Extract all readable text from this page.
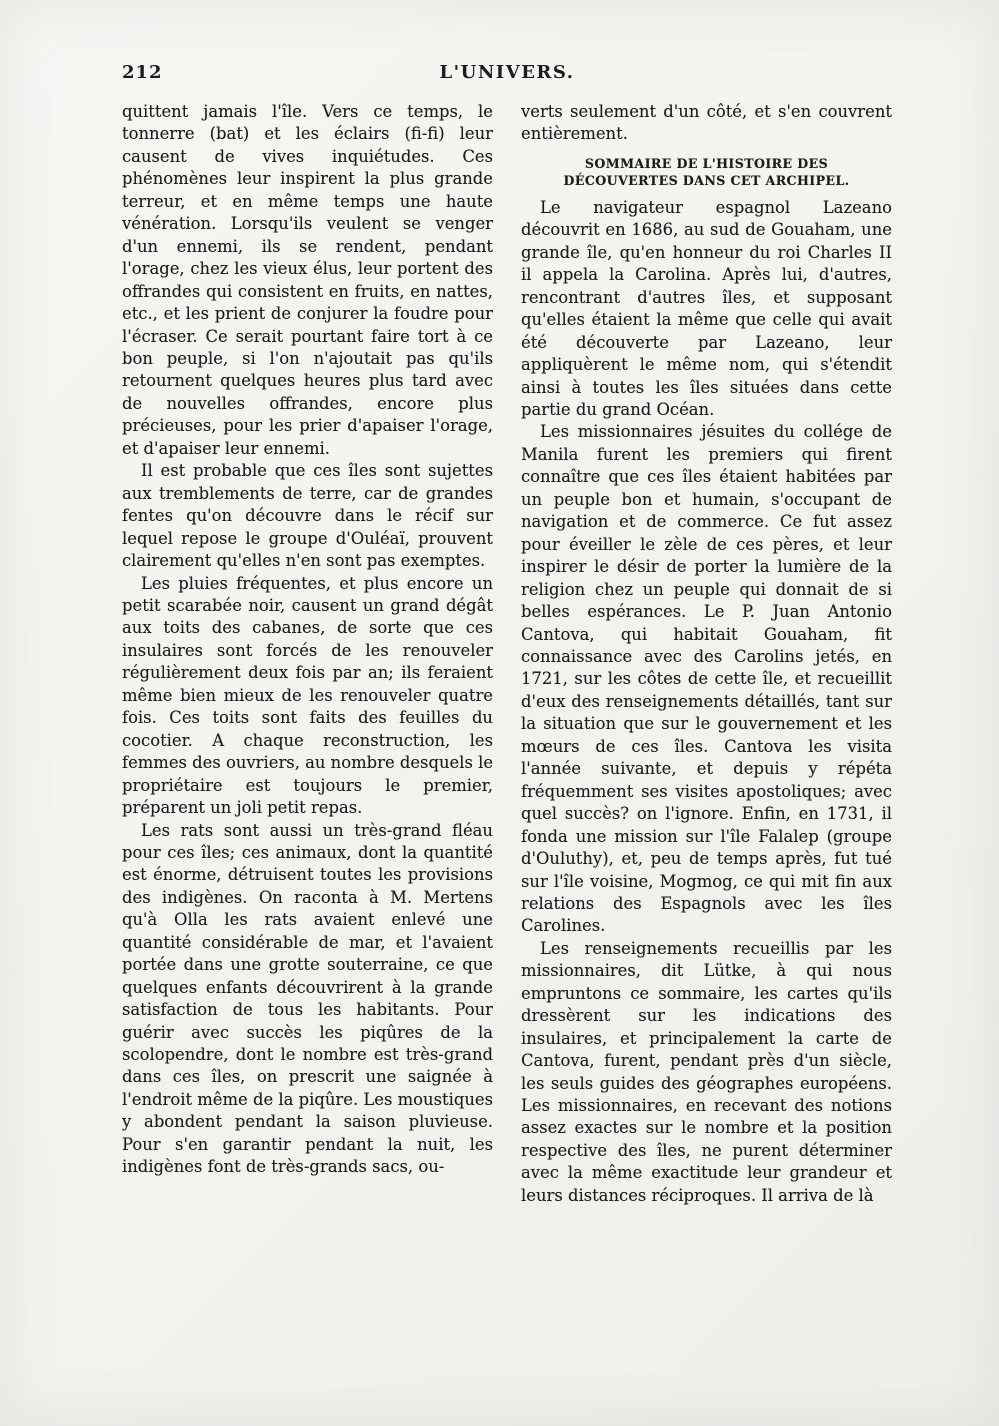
212	L'UNIVERS.

quittent jamais l'île. Vers ce temps, le tonnerre (bat) et les éclairs (fi-fi) leur causent de vives inquiétudes. Ces phénomènes leur inspirent la plus grande terreur, et en même temps une haute vénération. Lorsqu'ils veulent se venger d'un ennemi, ils se rendent, pendant l'orage, chez les vieux élus, leur portent des offrandes qui consistent en fruits, en nattes, etc., et les prient de conjurer la foudre pour l'écraser. Ce serait pourtant faire tort à ce bon peuple, si l'on n'ajoutait pas qu'ils retournent quelques heures plus tard avec de nouvelles offrandes, encore plus précieuses, pour les prier d'apaiser l'orage, et d'apaiser leur ennemi.

Il est probable que ces îles sont sujettes aux tremblements de terre, car de grandes fentes qu'on découvre dans le récif sur lequel repose le groupe d'Ouléaï, prouvent clairement qu'elles n'en sont pas exemptes.

Les pluies fréquentes, et plus encore un petit scarabée noir, causent un grand dégât aux toits des cabanes, de sorte que ces insulaires sont forcés de les renouveler régulièrement deux fois par an; ils feraient même bien mieux de les renouveler quatre fois. Ces toits sont faits des feuilles du cocotier. A chaque reconstruction, les femmes des ouvriers, au nombre desquels le propriétaire est toujours le premier, préparent un joli petit repas.

Les rats sont aussi un très-grand fléau pour ces îles; ces animaux, dont la quantité est énorme, détruisent toutes les provisions des indigènes. On raconta à M. Mertens qu'à Olla les rats avaient enlevé une quantité considérable de mar, et l'avaient portée dans une grotte souterraine, ce que quelques enfants découvrirent à la grande satisfaction de tous les habitants. Pour guérir avec succès les piqûres de la scolopendre, dont le nombre est très-grand dans ces îles, on prescrit une saignée à l'endroit même de la piqûre. Les moustiques y abondent pendant la saison pluvieuse. Pour s'en garantir pendant la nuit, les indigènes font de très-grands sacs, ou-

verts seulement d'un côté, et s'en couvrent entièrement.

SOMMAIRE DE L'HISTOIRE DES DÉCOUVERTES DANS CET ARCHIPEL.

Le navigateur espagnol Lazeano découvrit en 1686, au sud de Gouaham, une grande île, qu'en honneur du roi Charles II il appela la Carolina. Après lui, d'autres, rencontrant d'autres îles, et supposant qu'elles étaient la même que celle qui avait été découverte par Lazeano, leur appliquèrent le même nom, qui s'étendit ainsi à toutes les îles situées dans cette partie du grand Océan.

Les missionnaires jésuites du collége de Manila furent les premiers qui firent connaître que ces îles étaient habitées par un peuple bon et humain, s'occupant de navigation et de commerce. Ce fut assez pour éveiller le zèle de ces pères, et leur inspirer le désir de porter la lumière de la religion chez un peuple qui donnait de si belles espérances. Le P. Juan Antonio Cantova, qui habitait Gouaham, fit connaissance avec des Carolins jetés, en 1721, sur les côtes de cette île, et recueillit d'eux des renseignements détaillés, tant sur la situation que sur le gouvernement et les mœurs de ces îles. Cantova les visita l'année suivante, et depuis y répéta fréquemment ses visites apostoliques; avec quel succès? on l'ignore. Enfin, en 1731, il fonda une mission sur l'île Falalep (groupe d'Ouluthy), et, peu de temps après, fut tué sur l'île voisine, Mogmog, ce qui mit fin aux relations des Espagnols avec les îles Carolines.

Les renseignements recueillis par les missionnaires, dit Lütke, à qui nous empruntons ce sommaire, les cartes qu'ils dressèrent sur les indications des insulaires, et principalement la carte de Cantova, furent, pendant près d'un siècle, les seuls guides des géographes européens. Les missionnaires, en recevant des notions assez exactes sur le nombre et la position respective des îles, ne purent déterminer avec la même exactitude leur grandeur et leurs distances réciproques. Il arriva de là
